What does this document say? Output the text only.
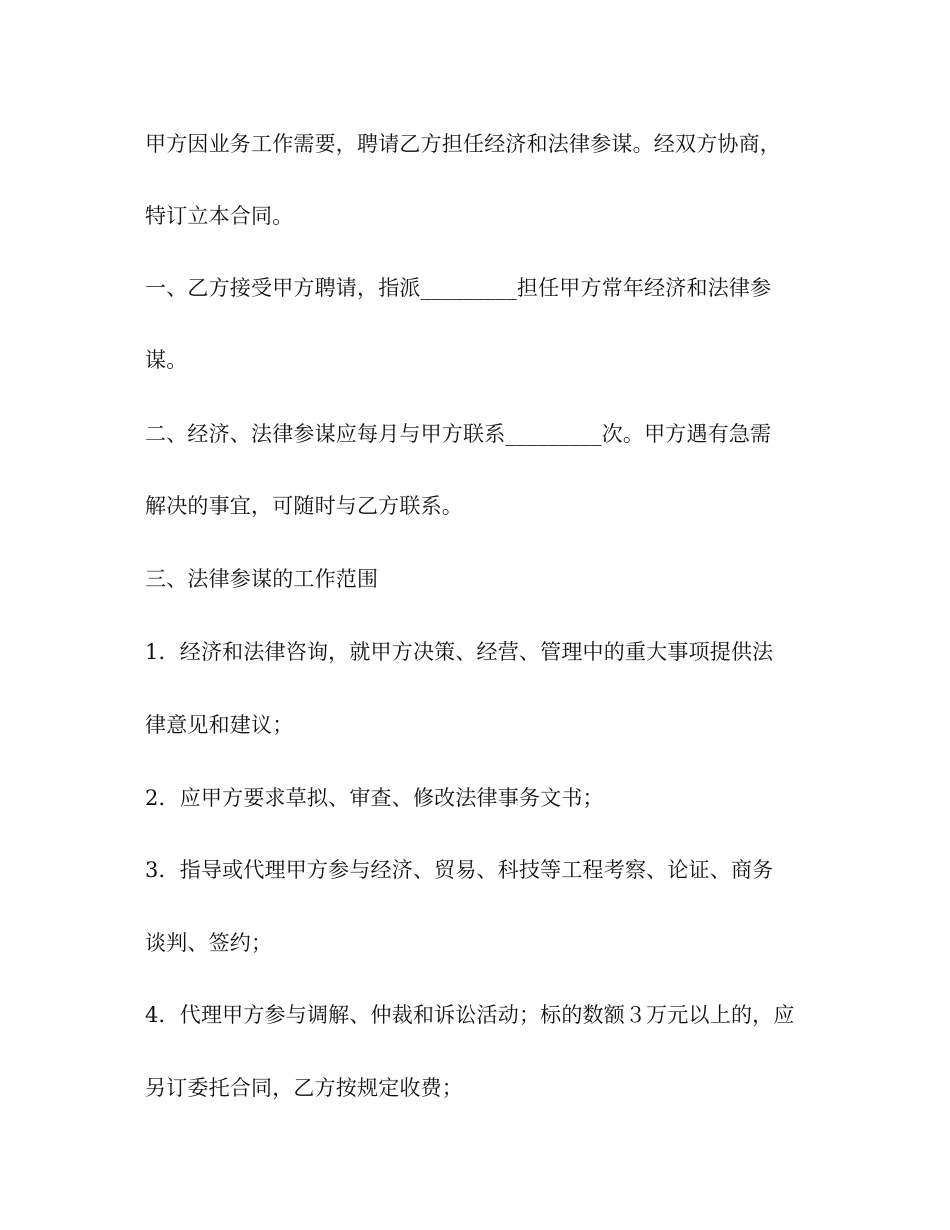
甲方因业务工作需要，聘请乙方担任经济和法律参谋。经双方协商，
特订立本合同。
一、乙方接受甲方聘请，指派_________担任甲方常年经济和法律参
谋。
二、经济、法律参谋应每月与甲方联系_________次。甲方遇有急需
解决的事宜，可随时与乙方联系。
三、法律参谋的工作范围
1．经济和法律咨询，就甲方决策、经营、管理中的重大事项提供法
律意见和建议；
2．应甲方要求草拟、审查、修改法律事务文书；
3．指导或代理甲方参与经济、贸易、科技等工程考察、论证、商务
谈判、签约；
4．代理甲方参与调解、仲裁和诉讼活动；标的数额３万元以上的，应
另订委托合同，乙方按规定收费；
